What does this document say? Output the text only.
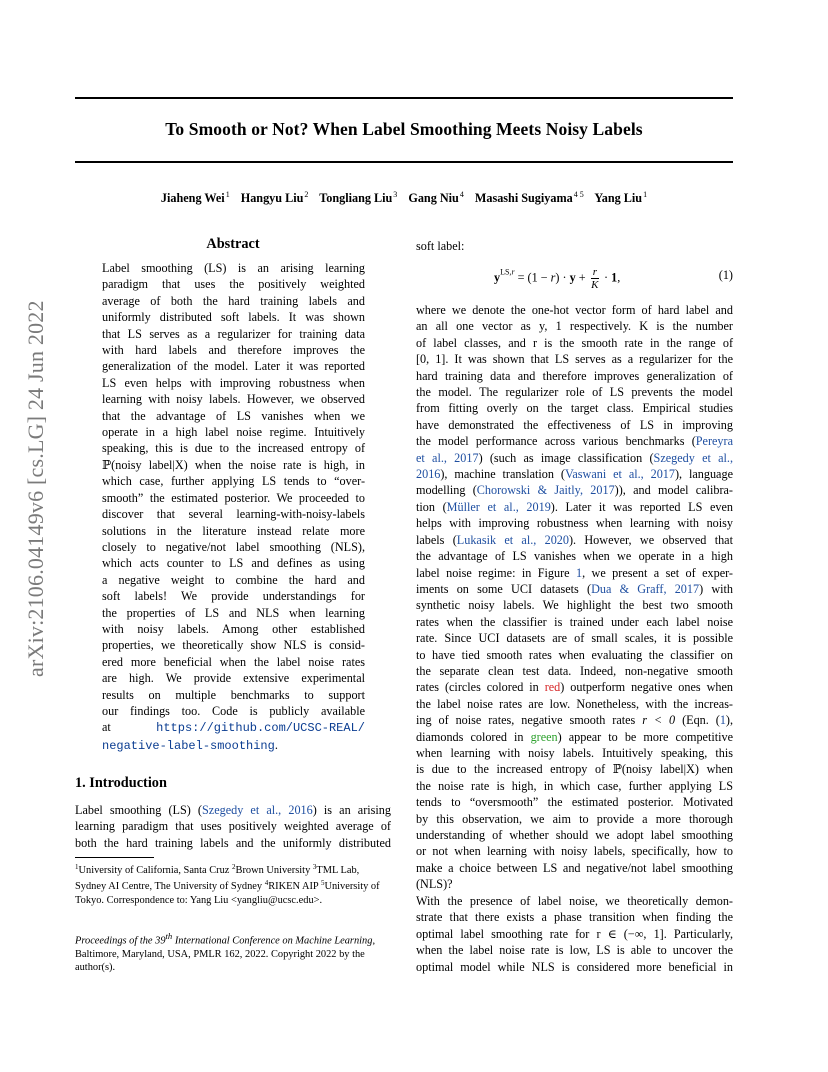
arXiv:2106.04149v6 [cs.LG] 24 Jun 2022
To Smooth or Not? When Label Smoothing Meets Noisy Labels
Jiaheng Wei$^1$ Hangyu Liu$^2$ Tongliang Liu$^3$ Gang Niu$^4$ Masashi Sugiyama$^{4 5}$ Yang Liu$^1$
Abstract
Label smoothing (LS) is an arising learning
paradigm that uses the positively weighted
average of both the hard training labels and
uniformly distributed soft labels. It was shown
that LS serves as a regularizer for training data
with hard labels and therefore improves the
generalization of the model. Later it was reported
LS even helps with improving robustness when
learning with noisy labels. However, we observed
that the advantage of LS vanishes when we
operate in a high label noise regime. Intuitively
speaking, this is due to the increased entropy of
ℙ(noisy label|X) when the noise rate is high, in
which case, further applying LS tends to “over-
smooth” the estimated posterior. We proceeded to
discover that several learning-with-noisy-labels
solutions in the literature instead relate more
closely to negative/not label smoothing (NLS),
which acts counter to LS and defines as using
a negative weight to combine the hard and
soft labels! We provide understandings for
the properties of LS and NLS when learning
with noisy labels. Among other established
properties, we theoretically show NLS is consid-
ered more beneficial when the label noise rates
are high. We provide extensive experimental
results on multiple benchmarks to support
our findings too. Code is publicly available
at	https://github.com/UCSC-REAL/
negative-label-smoothing.
1. Introduction
Label smoothing (LS) (Szegedy et al., 2016) is an arising
learning paradigm that uses positively weighted average of
both the hard training labels and the uniformly distributed
$^1$University of California, Santa Cruz $^2$Brown University $^3$TML Lab, Sydney AI Centre, The University of Sydney $^4$RIKEN AIP $^5$University of Tokyo. Correspondence to: Yang Liu <yangliu@ucsc.edu>.
Proceedings of the 39th International Conference on Machine Learning, Baltimore, Maryland, USA, PMLR 162, 2022. Copyright 2022 by the author(s).
soft label:
$y^{LS,r} = (1 - r) \cdot y + \frac{r}{K} \cdot 1$,	(1)
where we denote the one-hot vector form of hard label and
an all one vector as y, 1 respectively. K is the number
of label classes, and r is the smooth rate in the range of
[0, 1]. It was shown that LS serves as a regularizer for the
hard training data and therefore improves generalization of
the model. The regularizer role of LS prevents the model
from fitting overly on the target class. Empirical studies
have demonstrated the effectiveness of LS in improving
the model performance across various benchmarks (Pereyra
et al., 2017) (such as image classification (Szegedy et al.,
2016), machine translation (Vaswani et al., 2017), language
modelling (Chorowski & Jaitly, 2017)), and model calibra-
tion (Müller et al., 2019). Later it was reported LS even
helps with improving robustness when learning with noisy
labels (Lukasik et al., 2020). However, we observed that
the advantage of LS vanishes when we operate in a high
label noise regime: in Figure 1, we present a set of exper-
iments on some UCI datasets (Dua & Graff, 2017) with
synthetic noisy labels. We highlight the best two smooth
rates when the classifier is trained under each label noise
rate. Since UCI datasets are of small scales, it is possible
to have tied smooth rates when evaluating the classifier on
the separate clean test data. Indeed, non-negative smooth
rates (circles colored in red) outperform negative ones when
the label noise rates are low. Nonetheless, with the increas-
ing of noise rates, negative smooth rates r < 0 (Eqn. (1),
diamonds colored in green) appear to be more competitive
when learning with noisy labels. Intuitively speaking, this
is due to the increased entropy of ℙ(noisy label|X) when
the noise rate is high, in which case, further applying LS
tends to “oversmooth” the estimated posterior. Motivated
by this observation, we aim to provide a more thorough
understanding of whether should we adopt label smoothing
or not when learning with noisy labels, specifically, how to
make a choice between LS and negative/not label smoothing
(NLS)?
With the presence of label noise, we theoretically demon-
strate that there exists a phase transition when finding the
optimal label smoothing rate for r ∈ (−∞, 1]. Particularly,
when the label noise rate is low, LS is able to uncover the
optimal model while NLS is considered more beneficial in
